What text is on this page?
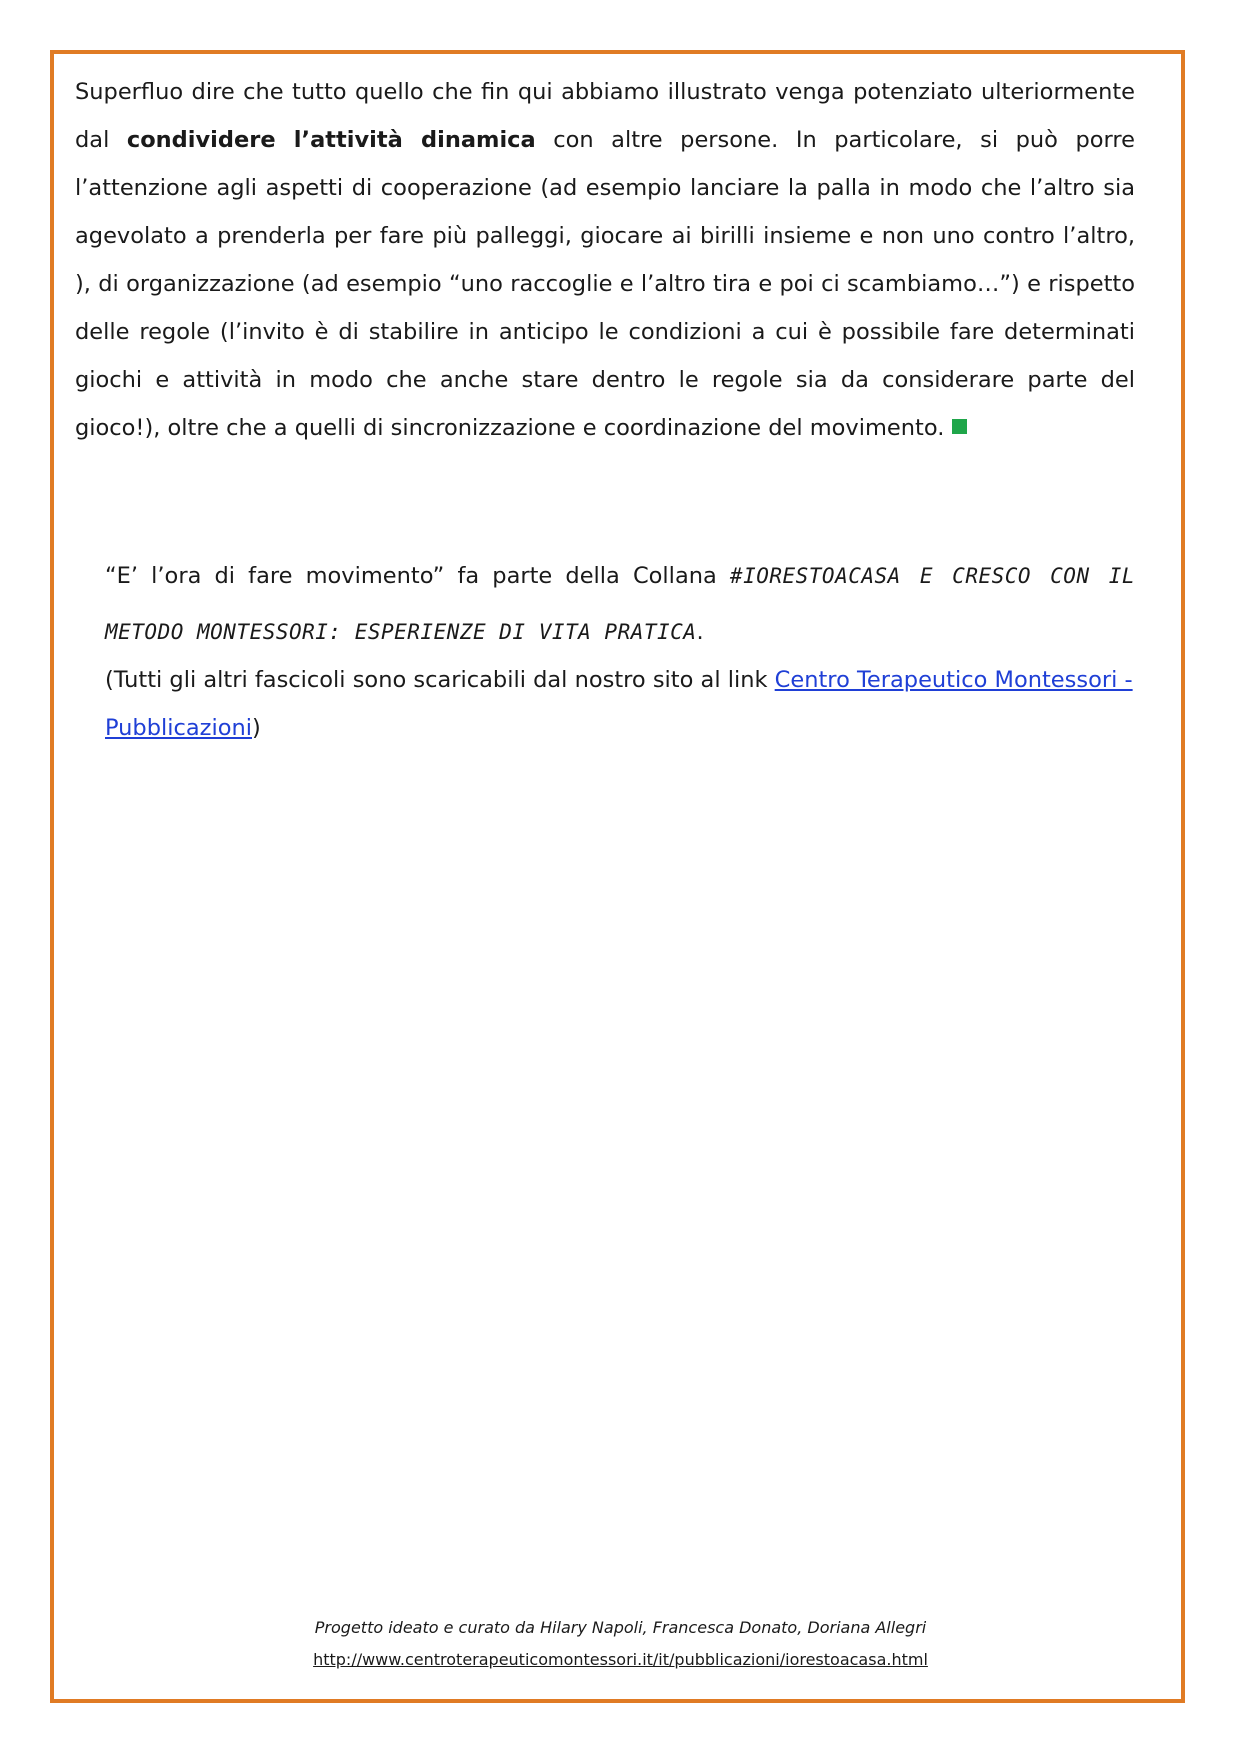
Superfluo dire che tutto quello che fin qui abbiamo illustrato venga potenziato ulteriormente dal condividere l’attività dinamica con altre persone. In particolare, si può porre l’attenzione agli aspetti di cooperazione (ad esempio lanciare la palla in modo che l’altro sia agevolato a prenderla per fare più palleggi, giocare ai birilli insieme e non uno contro l’altro, ), di organizzazione (ad esempio “uno raccoglie e l’altro tira e poi ci scambiamo…”) e rispetto delle regole (l’invito è di stabilire in anticipo le condizioni a cui è possibile fare determinati giochi e attività in modo che anche stare dentro le regole sia da considerare parte del gioco!), oltre che a quelli di sincronizzazione e coordinazione del movimento.

“E’ l’ora di fare movimento” fa parte della Collana #IORESTOACASA E CRESCO CON IL METODO MONTESSORI: ESPERIENZE DI VITA PRATICA.

(Tutti gli altri fascicoli sono scaricabili dal nostro sito al link Centro Terapeutico Montessori - Pubblicazioni)

Progetto ideato e curato da Hilary Napoli, Francesca Donato, Doriana Allegri
http://www.centroterapeuticomontessori.it/it/pubblicazioni/iorestoacasa.html
